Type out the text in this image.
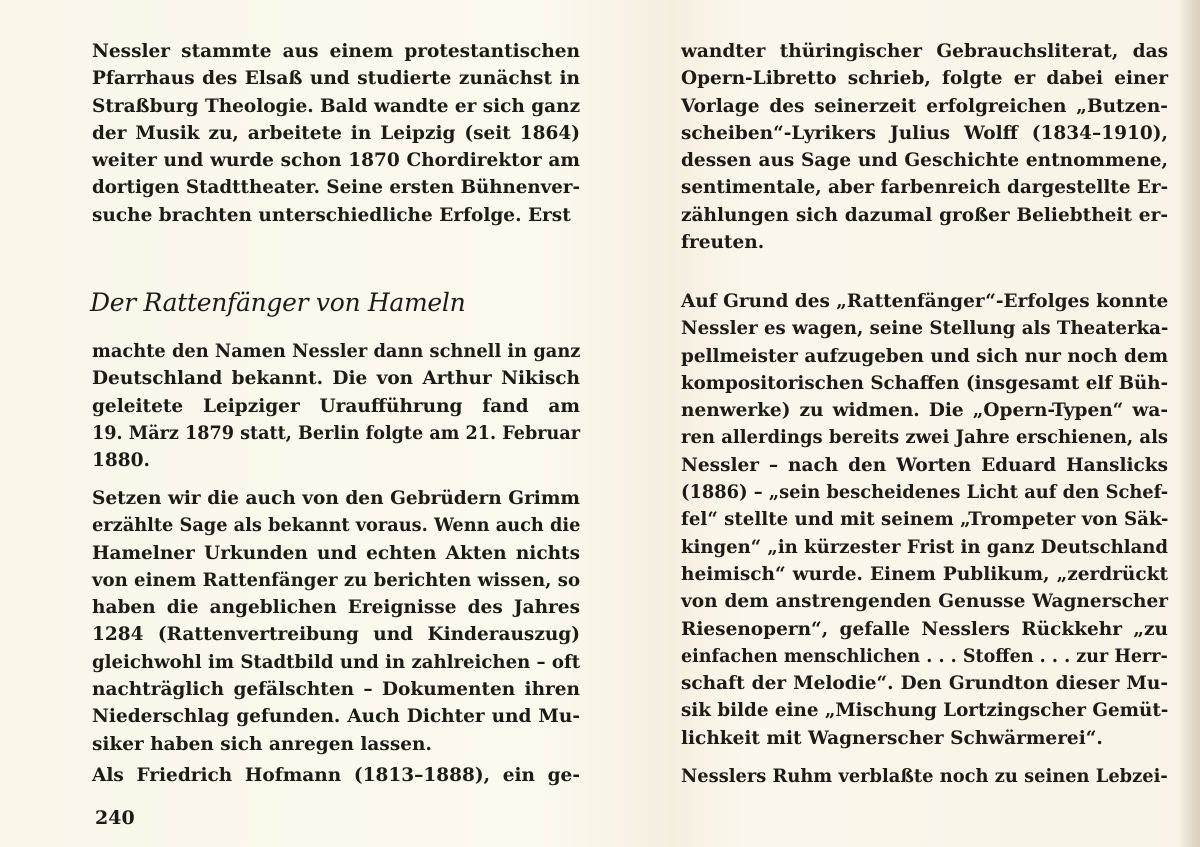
Nessler stammte aus einem protestantischen
Pfarrhaus des Elsaß und studierte zunächst in
Straßburg Theologie. Bald wandte er sich ganz
der Musik zu, arbeitete in Leipzig (seit 1864)
weiter und wurde schon 1870 Chordirektor am
dortigen Stadttheater. Seine ersten Bühnenver-
suche brachten unterschiedliche Erfolge. Erst
Der Rattenfänger von Hameln
machte den Namen Nessler dann schnell in ganz
Deutschland bekannt. Die von Arthur Nikisch
geleitete Leipziger Uraufführung fand am
19. März 1879 statt, Berlin folgte am 21. Februar
1880.
Setzen wir die auch von den Gebrüdern Grimm
erzählte Sage als bekannt voraus. Wenn auch die
Hamelner Urkunden und echten Akten nichts
von einem Rattenfänger zu berichten wissen, so
haben die angeblichen Ereignisse des Jahres
1284 (Rattenvertreibung und Kinderauszug)
gleichwohl im Stadtbild und in zahlreichen – oft
nachträglich gefälschten – Dokumenten ihren
Niederschlag gefunden. Auch Dichter und Mu-
siker haben sich anregen lassen.
Als Friedrich Hofmann (1813–1888), ein ge-
240
wandter thüringischer Gebrauchsliterat, das
Opern-Libretto schrieb, folgte er dabei einer
Vorlage des seinerzeit erfolgreichen „Butzen-
scheiben“-Lyrikers Julius Wolff (1834–1910),
dessen aus Sage und Geschichte entnommene,
sentimentale, aber farbenreich dargestellte Er-
zählungen sich dazumal großer Beliebtheit er-
freuten.
Auf Grund des „Rattenfänger“-Erfolges konnte
Nessler es wagen, seine Stellung als Theaterka-
pellmeister aufzugeben und sich nur noch dem
kompositorischen Schaffen (insgesamt elf Büh-
nenwerke) zu widmen. Die „Opern-Typen“ wa-
ren allerdings bereits zwei Jahre erschienen, als
Nessler – nach den Worten Eduard Hanslicks
(1886) – „sein bescheidenes Licht auf den Schef-
fel“ stellte und mit seinem „Trompeter von Säk-
kingen“ „in kürzester Frist in ganz Deutschland
heimisch“ wurde. Einem Publikum, „zerdrückt
von dem anstrengenden Genusse Wagnerscher
Riesenopern“, gefalle Nesslers Rückkehr „zu
einfachen menschlichen . . . Stoffen . . . zur Herr-
schaft der Melodie“. Den Grundton dieser Mu-
sik bilde eine „Mischung Lortzingscher Gemüt-
lichkeit mit Wagnerscher Schwärmerei“.
Nesslers Ruhm verblaßte noch zu seinen Lebzei-
